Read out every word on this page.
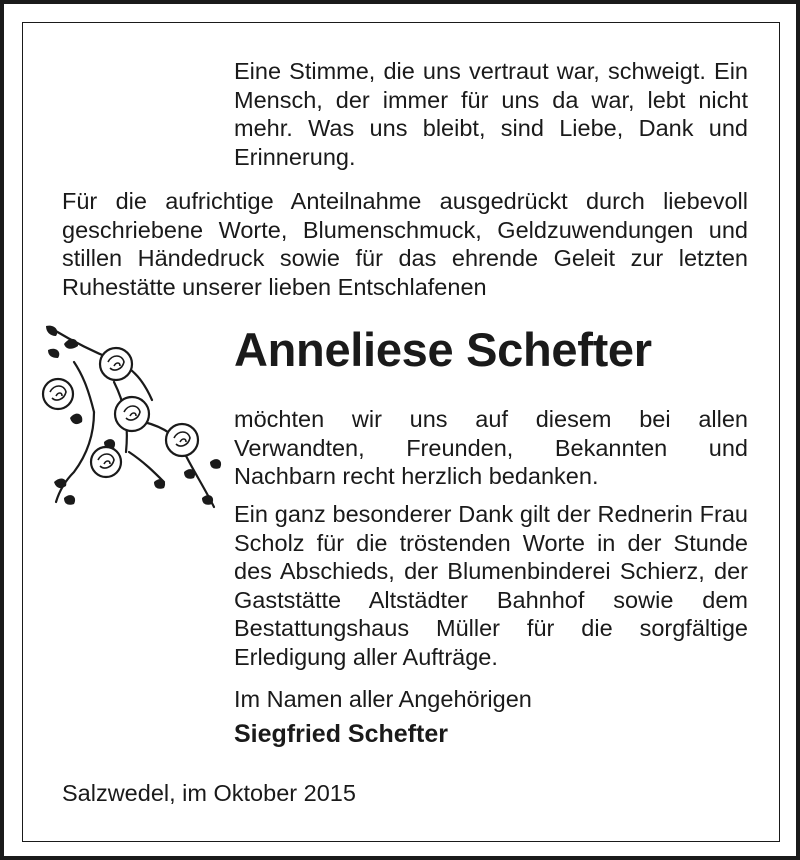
Eine Stimme, die uns vertraut war, schweigt. Ein Mensch, der immer für uns da war, lebt nicht mehr. Was uns bleibt, sind Liebe, Dank und Erinnerung.

Für die aufrichtige Anteilnahme ausgedrückt durch liebevoll geschriebene Worte, Blumenschmuck, Geldzuwendungen und stillen Händedruck sowie für das ehrende Geleit zur letzten Ruhestätte unserer lieben Entschlafenen

Anneliese Schefter

möchten wir uns auf diesem bei allen Verwandten, Freunden, Bekannten und Nachbarn recht herzlich bedanken.

Ein ganz besonderer Dank gilt der Rednerin Frau Scholz für die tröstenden Worte in der Stunde des Abschieds, der Blumenbinderei Schierz, der Gaststätte Altstädter Bahnhof sowie dem Bestattungshaus Müller für die sorgfältige Erledigung aller Aufträge.

Im Namen aller Angehörigen

Siegfried Schefter

Salzwedel, im Oktober 2015
